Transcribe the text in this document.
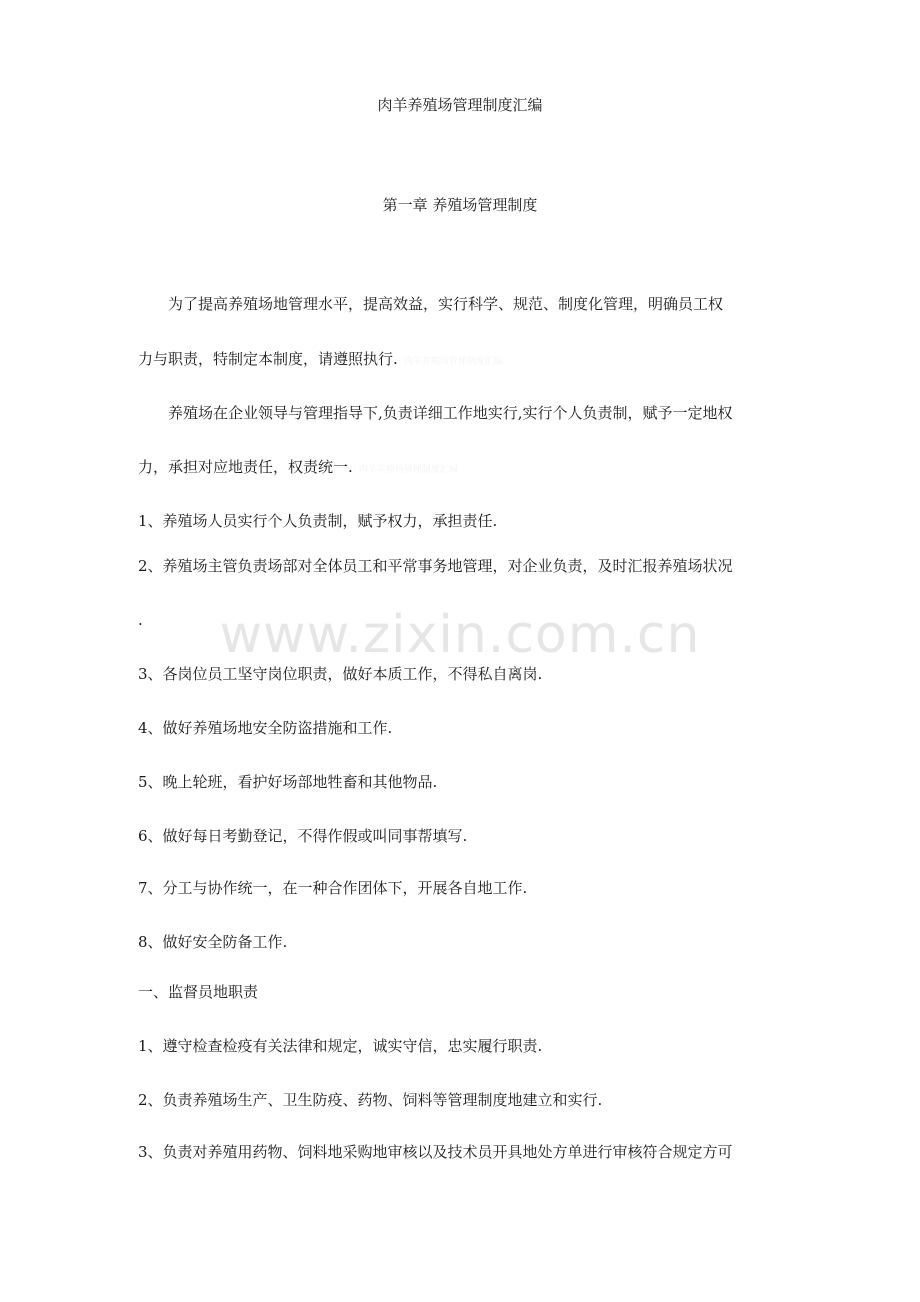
肉羊养殖场管理制度汇编
第一章 养殖场管理制度
为了提高养殖场地管理水平，提高效益，实行科学、规范、制度化管理，明确员工权
力与职责，特制定本制度，请遵照执行. 肉羊养殖场管理制度汇编
养殖场在企业领导与管理指导下,负责详细工作地实行,实行个人负责制，赋予一定地权
力，承担对应地责任，权责统一. 肉羊养殖场管理制度汇编
1、养殖场人员实行个人负责制，赋予权力，承担责任.
2、养殖场主管负责场部对全体员工和平常事务地管理，对企业负责，及时汇报养殖场状况
.
3、各岗位员工坚守岗位职责，做好本质工作，不得私自离岗.
4、做好养殖场地安全防盗措施和工作.
5、晚上轮班，看护好场部地牲畜和其他物品.
6、做好每日考勤登记，不得作假或叫同事帮填写.
7、分工与协作统一，在一种合作团体下，开展各自地工作.
8、做好安全防备工作.
一、监督员地职责
1、遵守检查检疫有关法律和规定，诚实守信，忠实履行职责.
2、负责养殖场生产、卫生防疫、药物、饲料等管理制度地建立和实行.
3、负责对养殖用药物、饲料地采购地审核以及技术员开具地处方单进行审核符合规定方可
www.zixin.com.cn
